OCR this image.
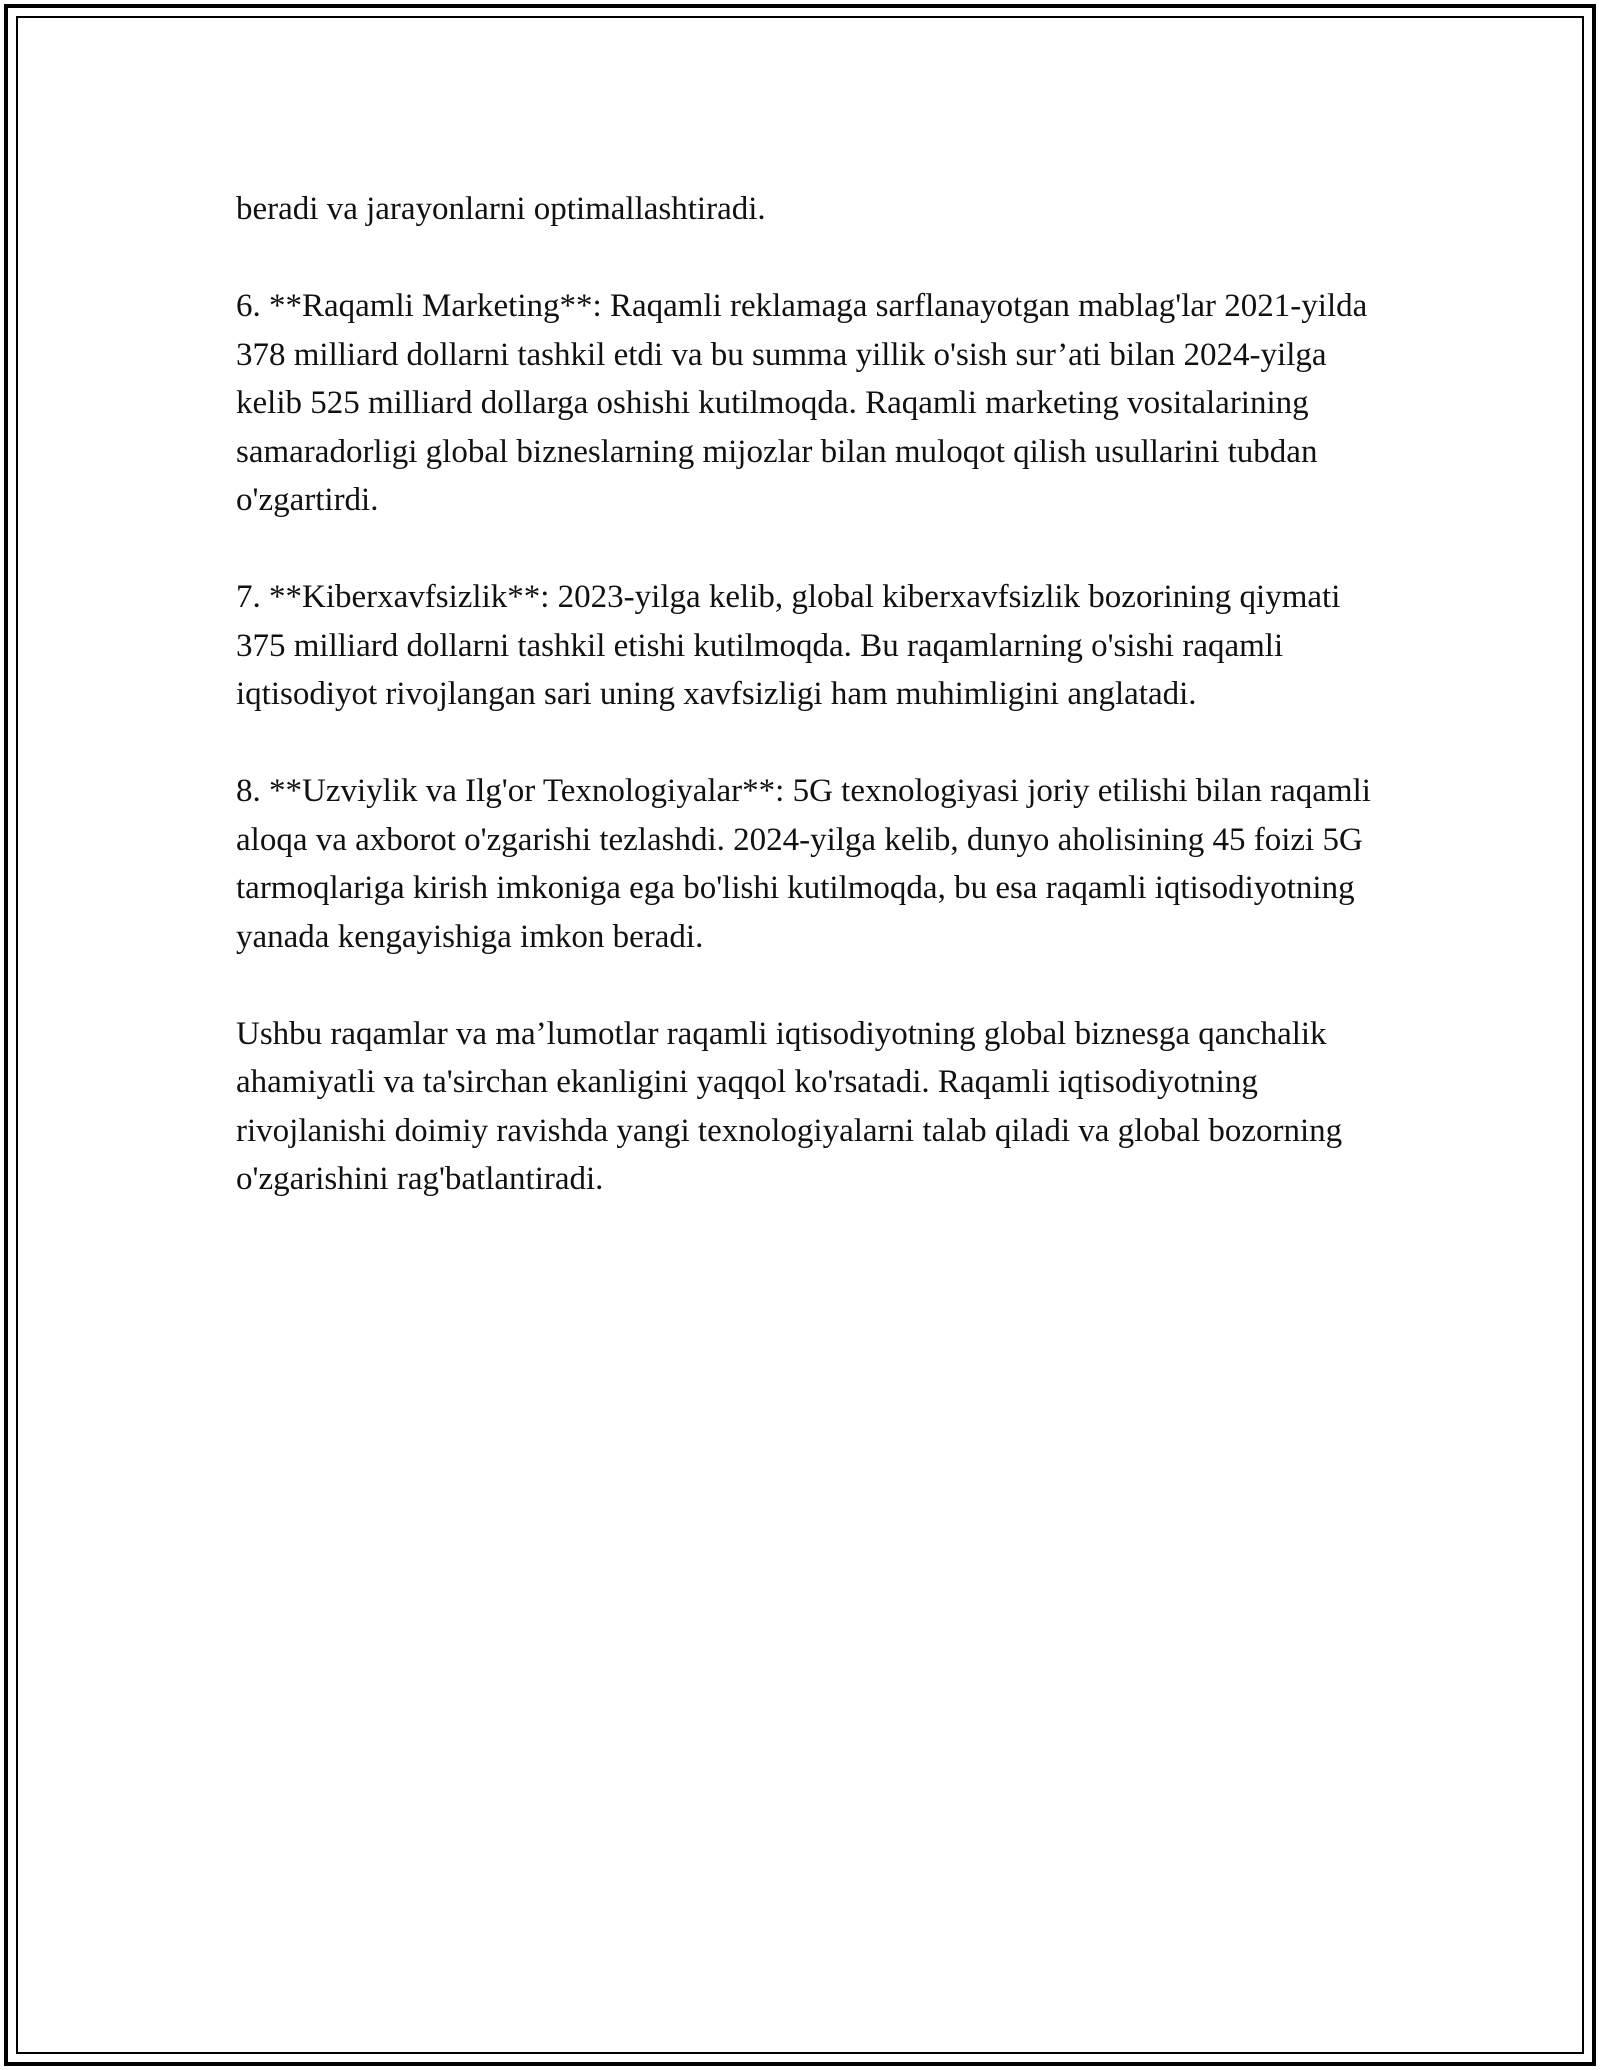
beradi va jarayonlarni optimallashtiradi.

6. **Raqamli Marketing**: Raqamli reklamaga sarflanayotgan mablag'lar 2021-yilda 378 milliard dollarni tashkil etdi va bu summa yillik o'sish sur’ati bilan 2024-yilga kelib 525 milliard dollarga oshishi kutilmoqda. Raqamli marketing vositalarining samaradorligi global bizneslarning mijozlar bilan muloqot qilish usullarini tubdan o'zgartirdi.

7. **Kiberxavfsizlik**: 2023-yilga kelib, global kiberxavfsizlik bozorining qiymati 375 milliard dollarni tashkil etishi kutilmoqda. Bu raqamlarning o'sishi raqamli iqtisodiyot rivojlangan sari uning xavfsizligi ham muhimligini anglatadi.

8. **Uzviylik va Ilg'or Texnologiyalar**: 5G texnologiyasi joriy etilishi bilan raqamli aloqa va axborot o'zgarishi tezlashdi. 2024-yilga kelib, dunyo aholisining 45 foizi 5G tarmoqlariga kirish imkoniga ega bo'lishi kutilmoqda, bu esa raqamli iqtisodiyotning yanada kengayishiga imkon beradi.

Ushbu raqamlar va ma’lumotlar raqamli iqtisodiyotning global biznesga qanchalik ahamiyatli va ta'sirchan ekanligini yaqqol ko'rsatadi. Raqamli iqtisodiyotning rivojlanishi doimiy ravishda yangi texnologiyalarni talab qiladi va global bozorning o'zgarishini rag'batlantiradi.
